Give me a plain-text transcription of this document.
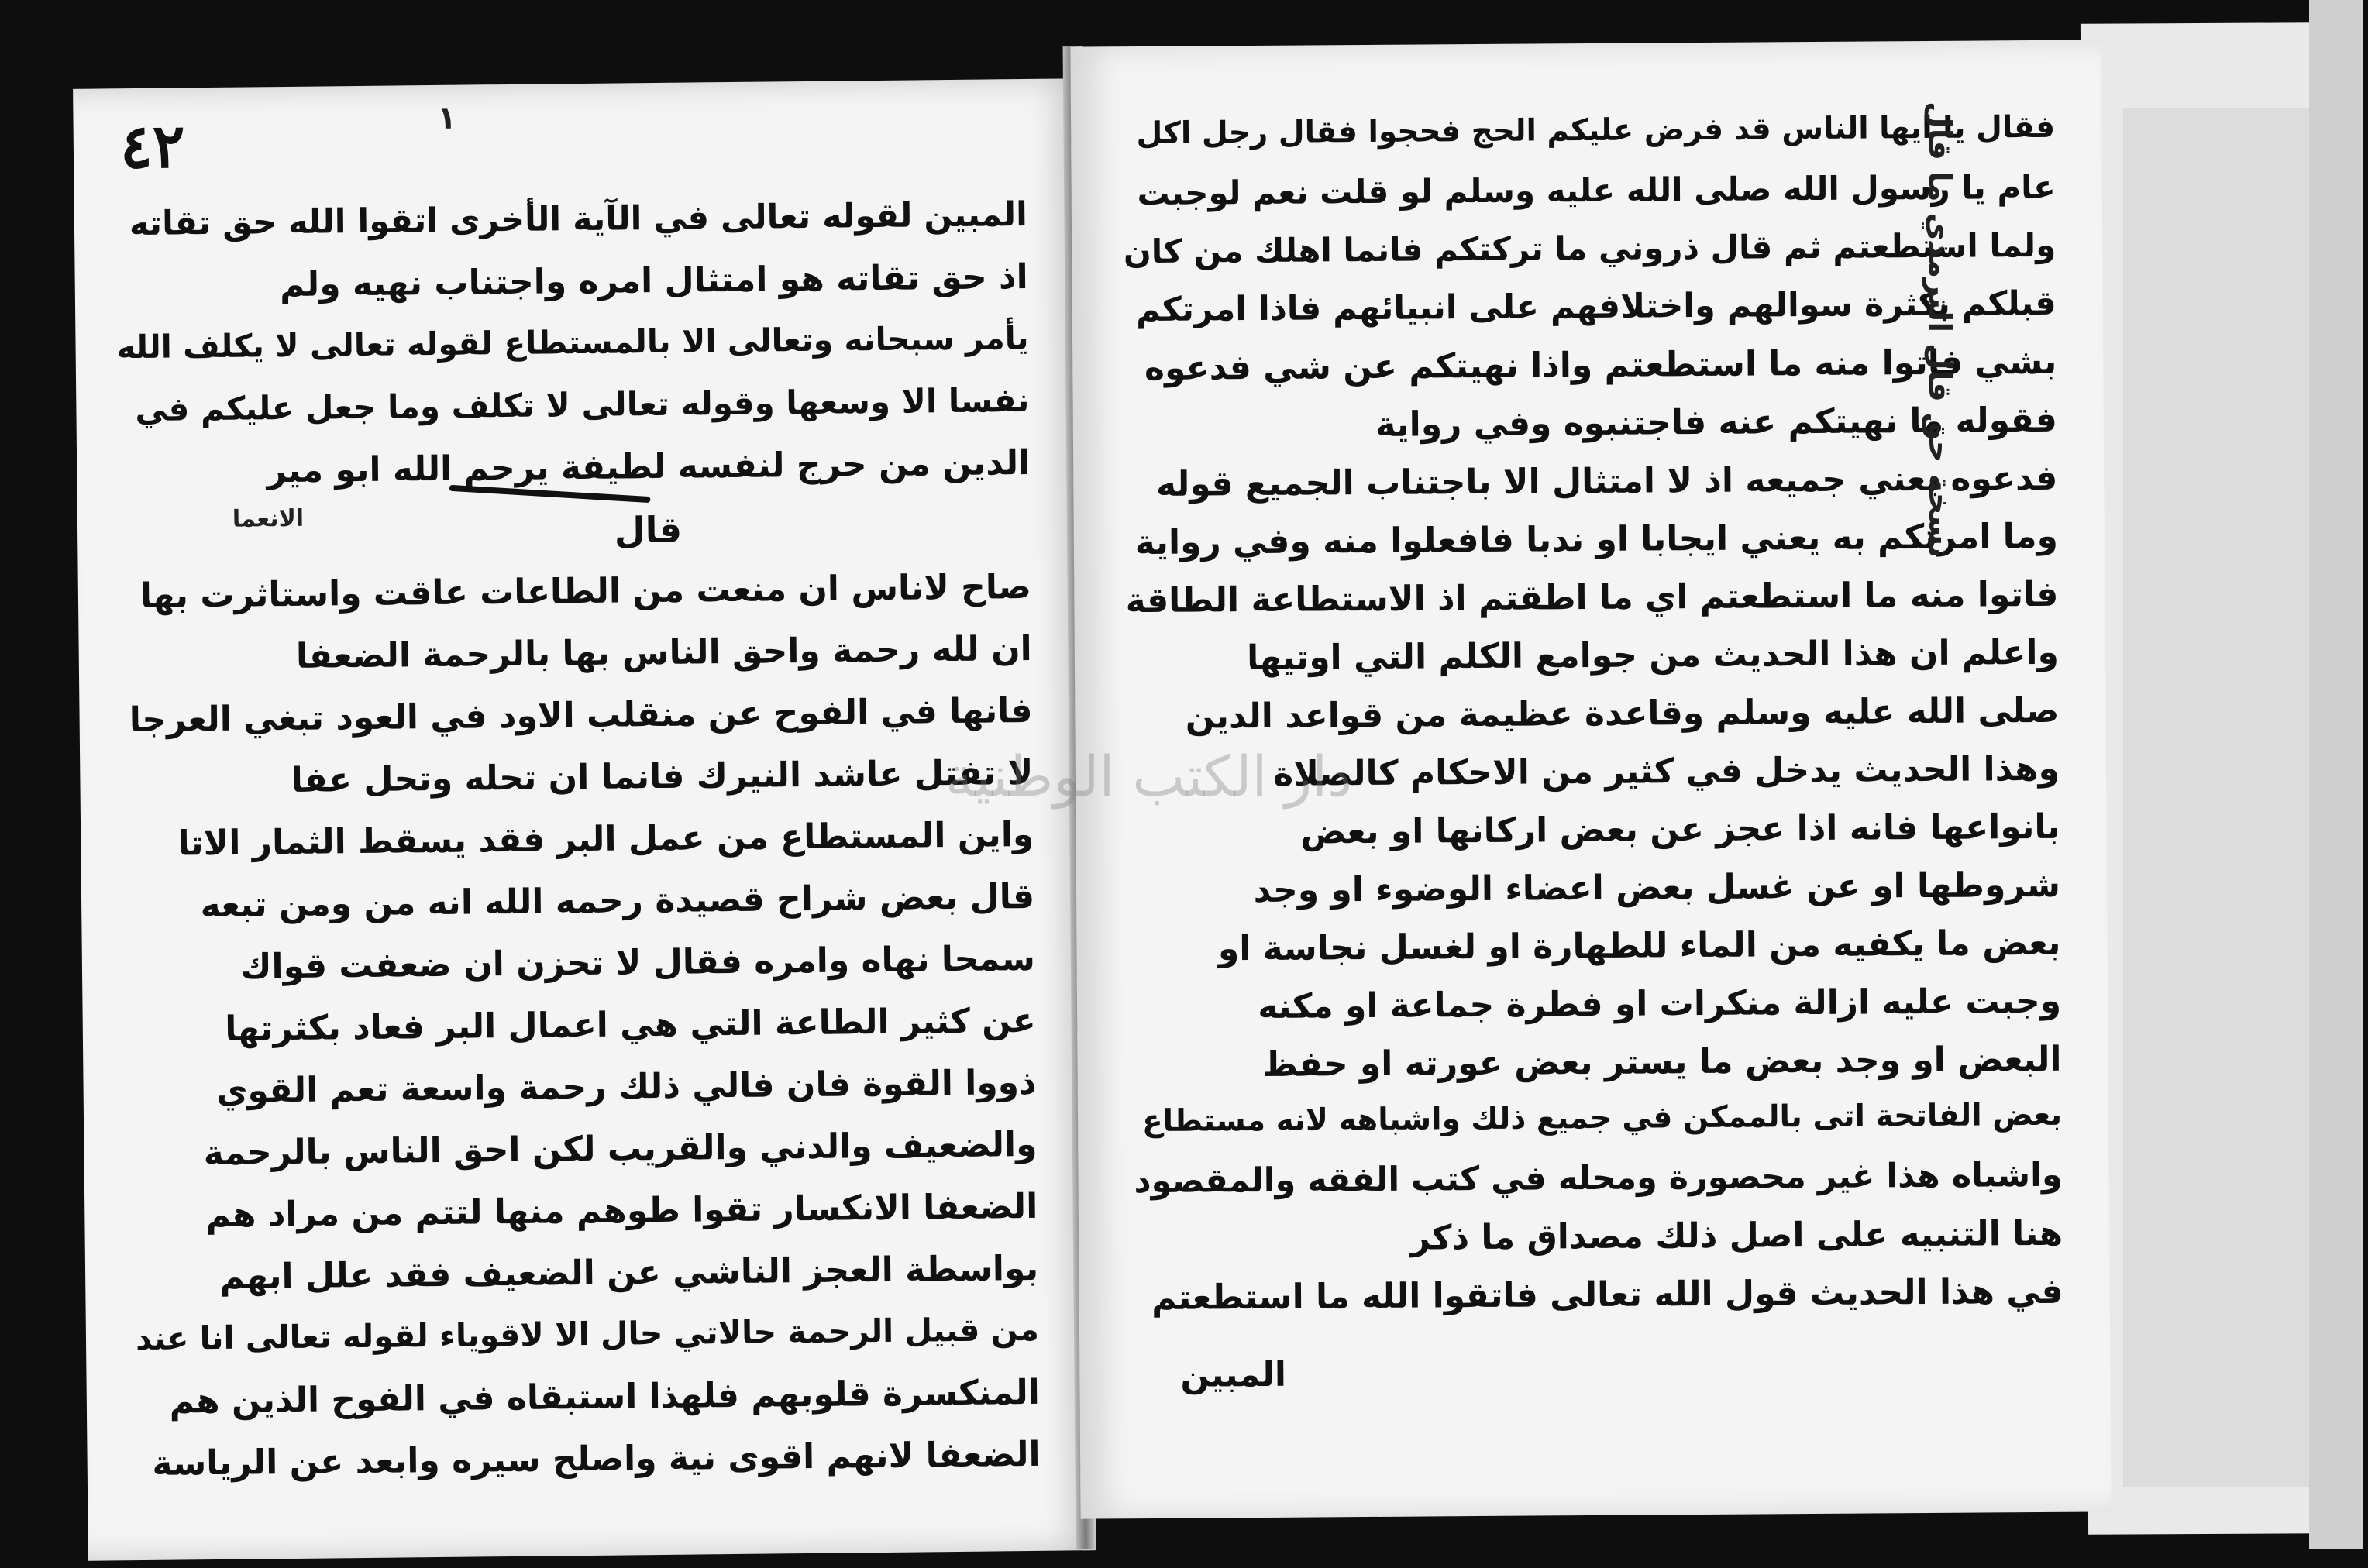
٤٢	١
الانعما
المبين لقوله تعالى في الآية الأخرى اتقوا الله حق تقاته
اذ حق تقاته هو امتثال امره واجتناب نهيه ولم
يأمر سبحانه وتعالى الا بالمستطاع لقوله تعالى لا يكلف الله
نفسا الا وسعها وقوله تعالى لا تكلف وما جعل عليكم في
الدين من حرج لنفسه لطيفة يرحم الله ابو مير
قال
صاح لاناس ان منعت من الطاعات عاقت واستاثرت بها
ان لله رحمة واحق الناس بها بالرحمة الضعفا
فانها في الفوح عن منقلب الاود في العود تبغي العرجا
لا تفتل عاشد النيرك فانما ان تحله وتحل عفا
واين المستطاع من عمل البر فقد يسقط الثمار الاتا
قال بعض شراح قصيدة رحمه الله انه من ومن تبعه
سمحا نهاه وامره فقال لا تحزن ان ضعفت قواك
عن كثير الطاعة التي هي اعمال البر فعاد بكثرتها
ذووا القوة فان فالي ذلك رحمة واسعة تعم القوي
والضعيف والدني والقريب لكن احق الناس بالرحمة
الضعفا الانكسار تقوا طوهم منها لتتم من مراد هم
بواسطة العجز الناشي عن الضعيف فقد علل ابهم
من قبيل الرحمة حالاتي حال الا لاقوياء لقوله تعالى انا عند
المنكسرة قلوبهم فلهذا استبقاه في الفوح الذين هم
الضعفا لانهم اقوى نية واصلح سيره وابعد عن الرياسة
فقال يا ايها الناس قد فرض عليكم الحج فحجوا فقال رجل اكل
عام يا رسول الله صلى الله عليه وسلم لو قلت نعم لوجبت
ولما استطعتم ثم قال ذروني ما تركتكم فانما اهلك من كان
قبلكم بكثرة سوالهم واختلافهم على انبيائهم فاذا امرتكم
بشي فاتوا منه ما استطعتم واذا نهيتكم عن شي فدعوه
فقوله ما نهيتكم عنه فاجتنبوه وفي رواية
فدعوه يعني جميعه اذ لا امتثال الا باجتناب الجميع قوله
وما امرتكم به يعني ايجابا او ندبا فافعلوا منه وفي رواية
فاتوا منه ما استطعتم اي ما اطقتم اذ الاستطاعة الطاقة
واعلم ان هذا الحديث من جوامع الكلم التي اوتيها
صلى الله عليه وسلم وقاعدة عظيمة من قواعد الدين
وهذا الحديث يدخل في كثير من الاحكام كالصلاة
بانواعها فانه اذا عجز عن بعض اركانها او بعض
شروطها او عن غسل بعض اعضاء الوضوء او وجد
بعض ما يكفيه من الماء للطهارة او لغسل نجاسة او
وجبت عليه ازالة منكرات او فطرة جماعة او مكنه
البعض او وجد بعض ما يستر بعض عورته او حفظ
بعض الفاتحة اتى بالممكن في جميع ذلك واشباهه لانه مستطاع
واشباه هذا غير محصورة ومحله في كتب الفقه والمقصود
هنا التنبيه على اصل ذلك مصداق ما ذكر
في هذا الحديث قول الله تعالى فاتقوا الله ما استطعتم
المبين
نسخة حق قال الترمذي ما قال
دار الكتب الوطنية
